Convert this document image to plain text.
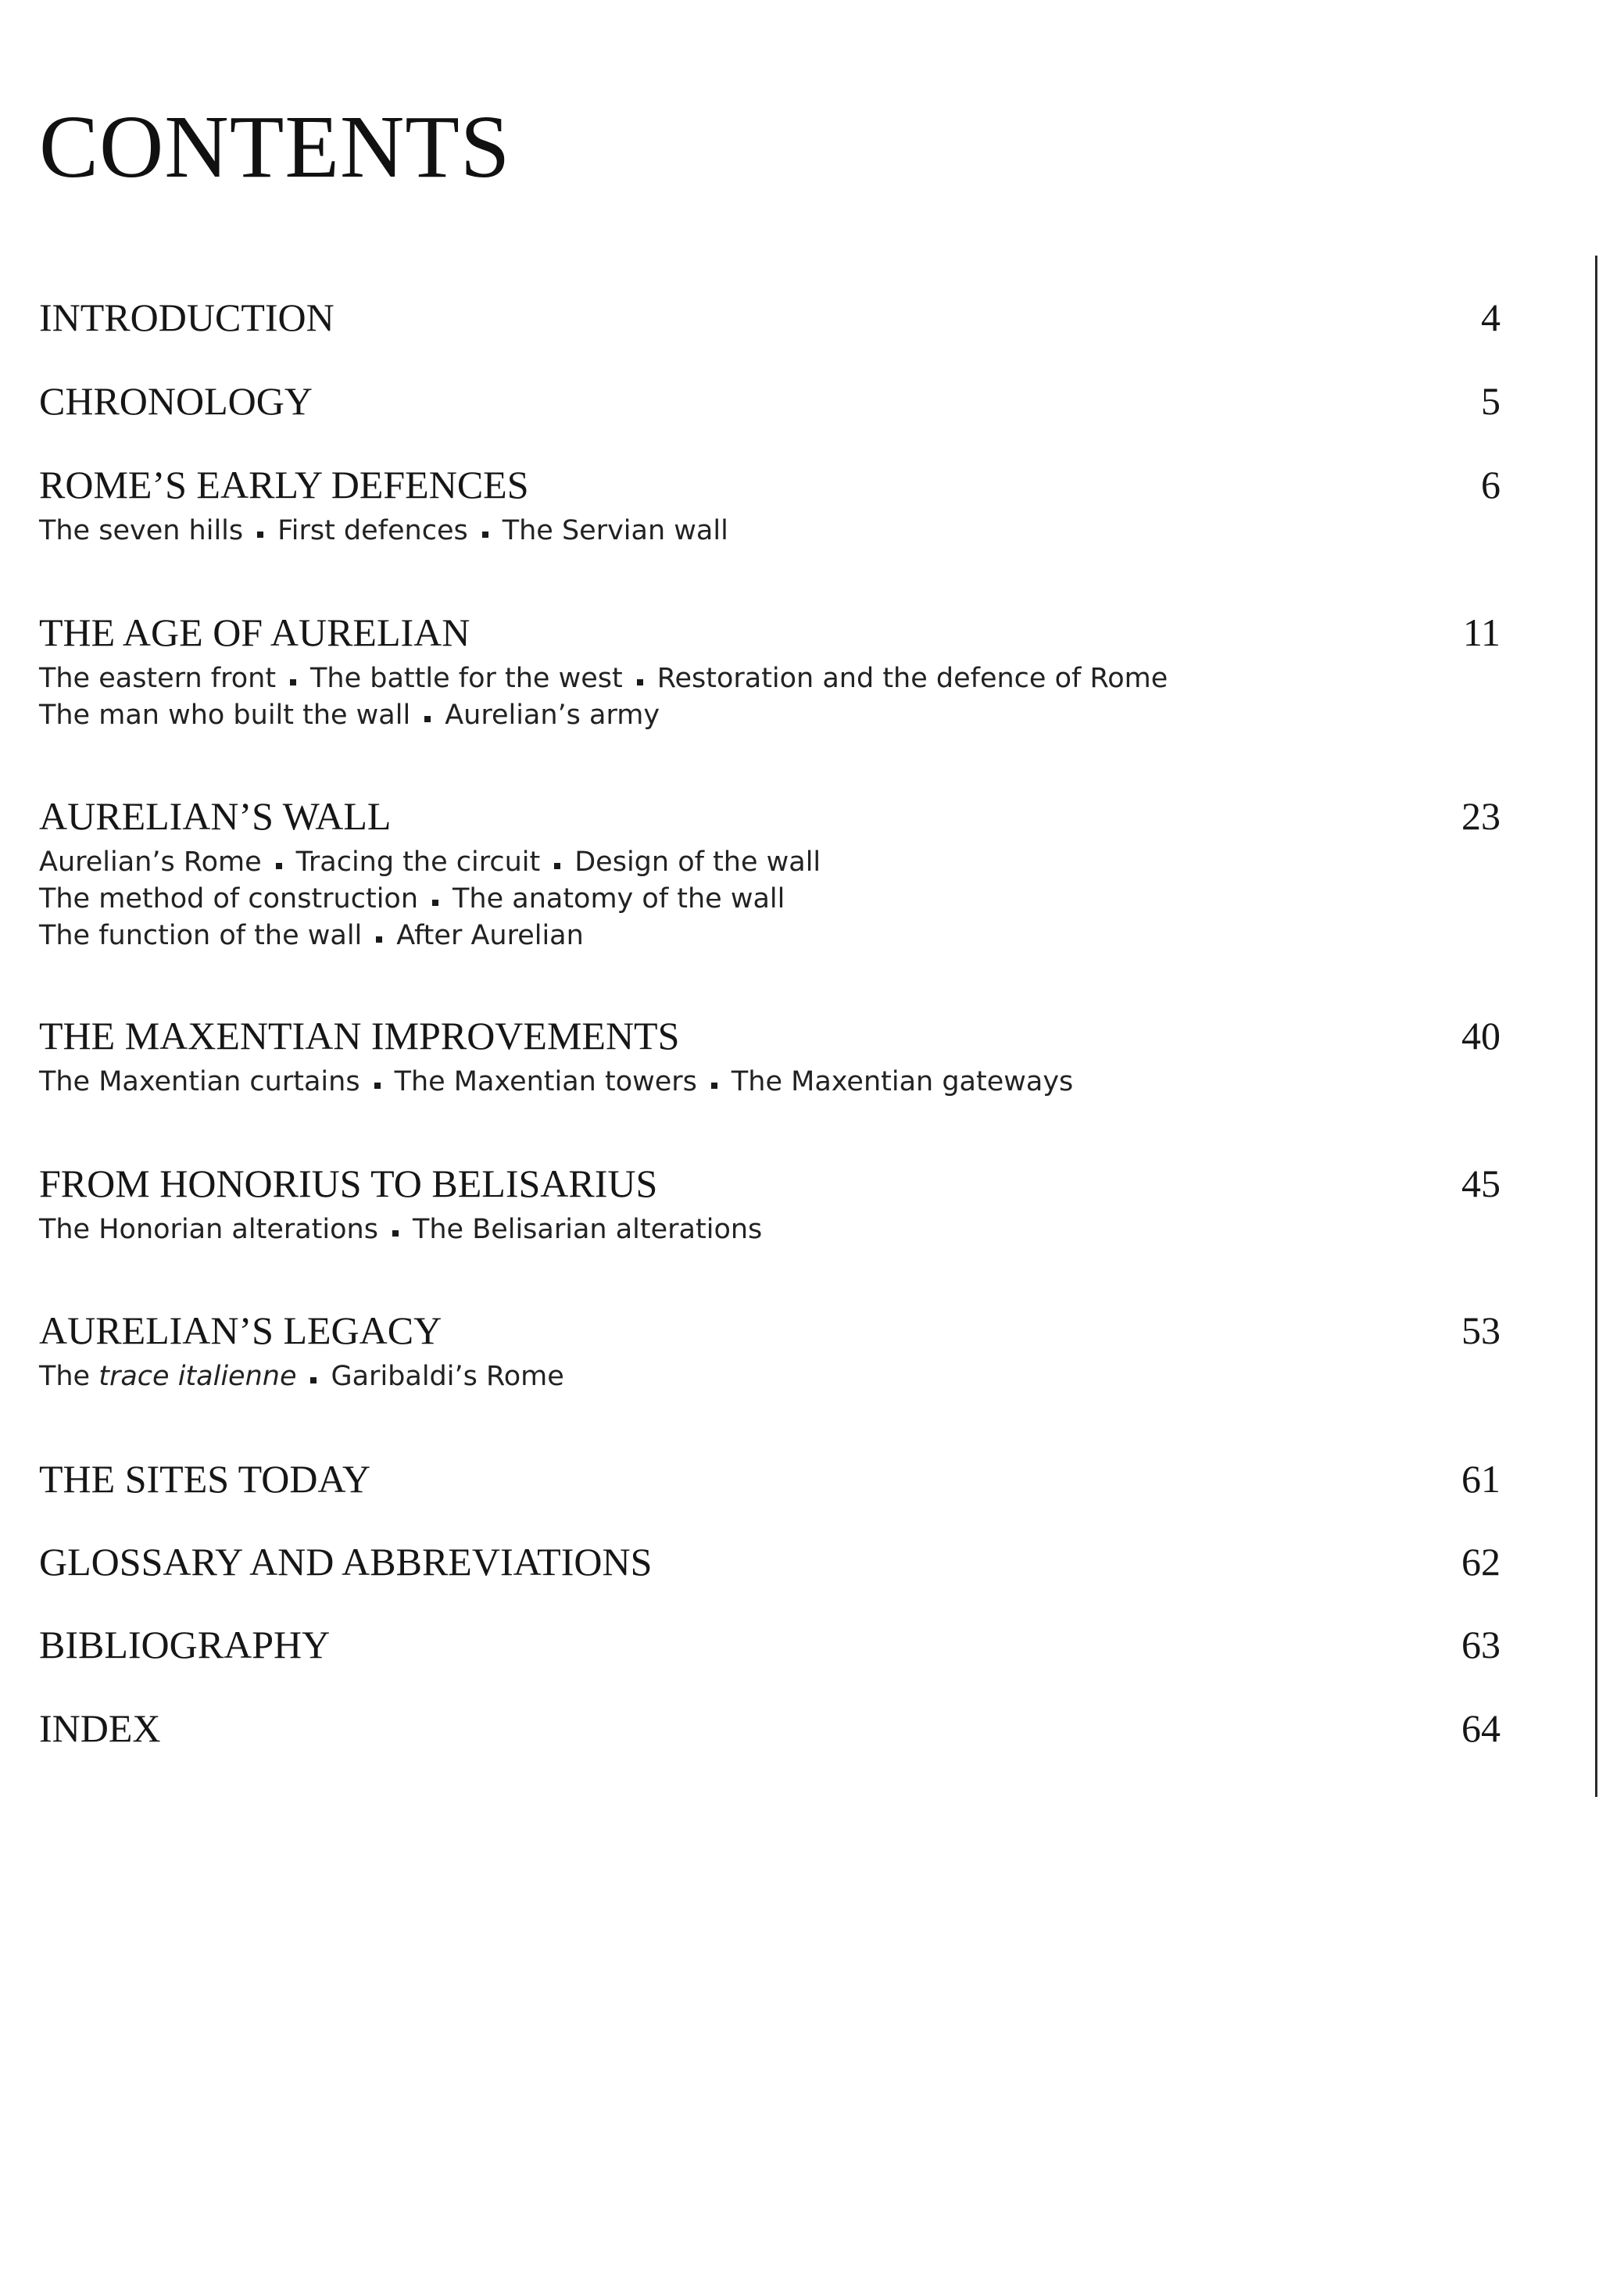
CONTENTS
INTRODUCTION	4
CHRONOLOGY	5
ROME’S EARLY DEFENCES	6
The seven hills First defences The Servian wall
THE AGE OF AURELIAN	11
The eastern front The battle for the west Restoration and the defence of Rome
The man who built the wall Aurelian’s army
AURELIAN’S WALL	23
Aurelian’s Rome Tracing the circuit Design of the wall
The method of construction The anatomy of the wall
The function of the wall After Aurelian
THE MAXENTIAN IMPROVEMENTS	40
The Maxentian curtains The Maxentian towers The Maxentian gateways
FROM HONORIUS TO BELISARIUS	45
The Honorian alterations The Belisarian alterations
AURELIAN’S LEGACY	53
The trace italienne Garibaldi’s Rome
THE SITES TODAY	61
GLOSSARY AND ABBREVIATIONS	62
BIBLIOGRAPHY	63
INDEX	64
